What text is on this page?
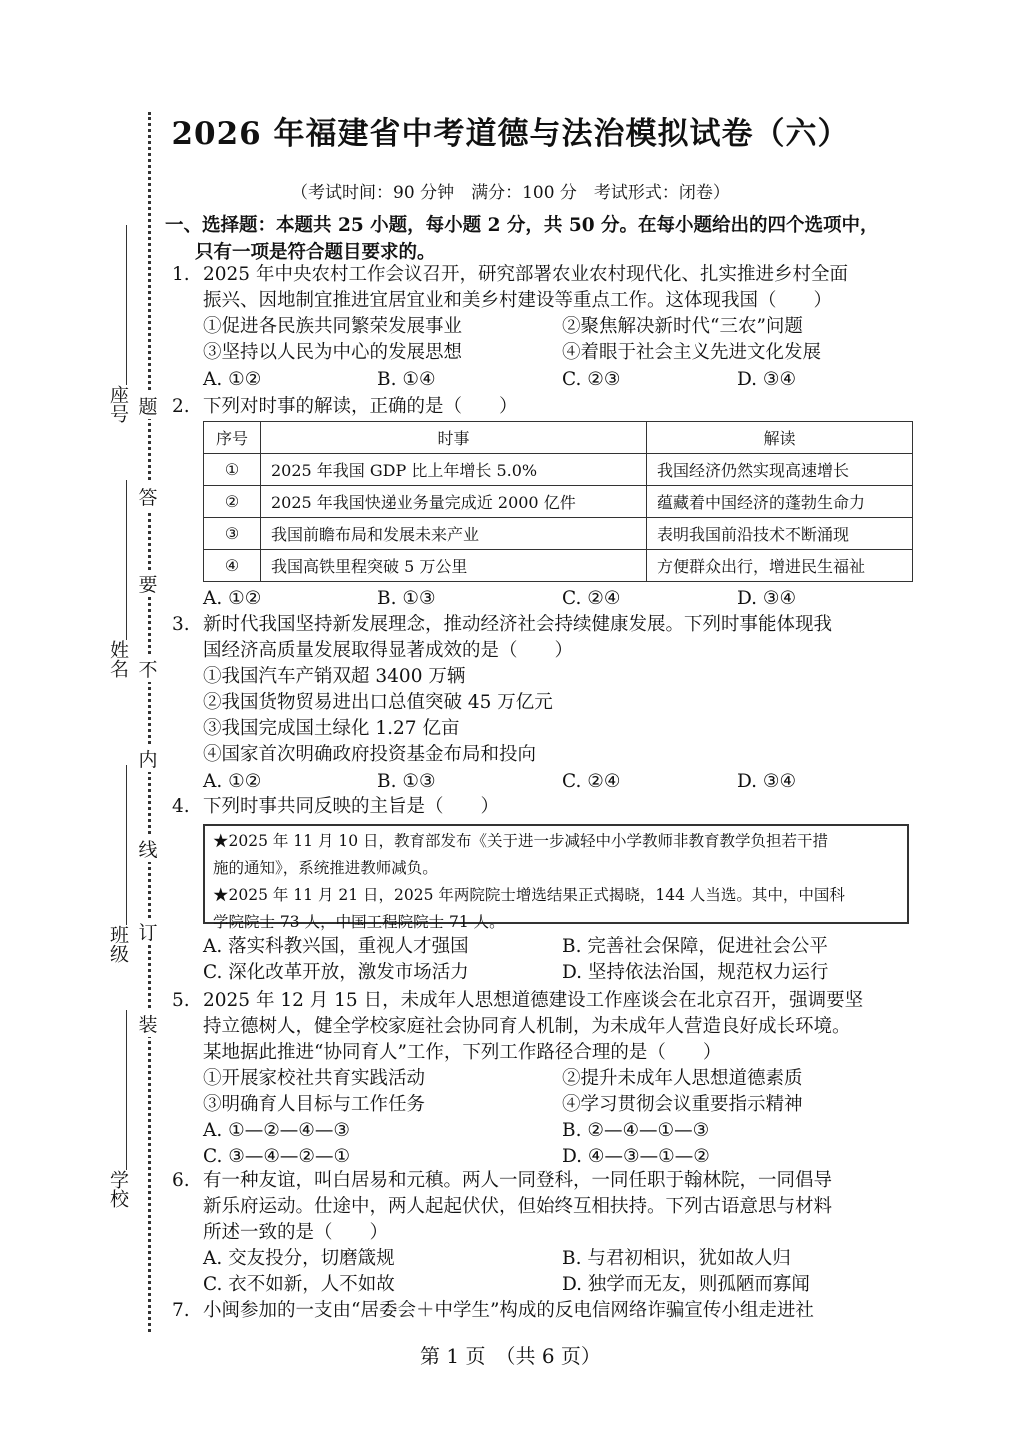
题
答
要
不
内
线
订
装
座号
姓名
班级
学校
2026 年福建省中考道德与法治模拟试卷（六）
（考试时间：90 分钟　满分：100 分　考试形式：闭卷）
一、选择题：本题共 25 小题，每小题 2 分，共 50 分。在每小题给出的四个选项中，
只有一项是符合题目要求的。
1. 2025 年中央农村工作会议召开，研究部署农业农村现代化、扎实推进乡村全面
振兴、因地制宜推进宜居宜业和美乡村建设等重点工作。这体现我国（　　）
①促进各民族共同繁荣发展事业	②聚焦解决新时代“三农”问题
③坚持以人民为中心的发展思想	④着眼于社会主义先进文化发展
A. ①②	B. ①④	C. ②③	D. ③④
2. 下列对时事的解读，正确的是（　　）
序号	时事	解读
①	2025 年我国 GDP 比上年增长 5.0%	我国经济仍然实现高速增长
②	2025 年我国快递业务量完成近 2000 亿件	蕴藏着中国经济的蓬勃生命力
③	我国前瞻布局和发展未来产业	表明我国前沿技术不断涌现
④	我国高铁里程突破 5 万公里	方便群众出行，增进民生福祉
A. ①②	B. ①③	C. ②④	D. ③④
3. 新时代我国坚持新发展理念，推动经济社会持续健康发展。下列时事能体现我
国经济高质量发展取得显著成效的是（　　）
①我国汽车产销双超 3400 万辆
②我国货物贸易进出口总值突破 45 万亿元
③我国完成国土绿化 1.27 亿亩
④国家首次明确政府投资基金布局和投向
A. ①②	B. ①③	C. ②④	D. ③④
4. 下列时事共同反映的主旨是（　　）
★2025 年 11 月 10 日，教育部发布《关于进一步减轻中小学教师非教育教学负担若干措
施的通知》，系统推进教师减负。
★2025 年 11 月 21 日，2025 年两院院士增选结果正式揭晓，144 人当选。其中，中国科
学院院士 73 人，中国工程院院士 71 人。
A. 落实科教兴国，重视人才强国	B. 完善社会保障，促进社会公平
C. 深化改革开放，激发市场活力	D. 坚持依法治国，规范权力运行
5. 2025 年 12 月 15 日，未成年人思想道德建设工作座谈会在北京召开，强调要坚
持立德树人，健全学校家庭社会协同育人机制，为未成年人营造良好成长环境。
某地据此推进“协同育人”工作，下列工作路径合理的是（　　）
①开展家校社共育实践活动	②提升未成年人思想道德素质
③明确育人目标与工作任务	④学习贯彻会议重要指示精神
A. ①—②—④—③	B. ②—④—①—③
C. ③—④—②—①	D. ④—③—①—②
6. 有一种友谊，叫白居易和元稹。两人一同登科，一同任职于翰林院，一同倡导
新乐府运动。仕途中，两人起起伏伏，但始终互相扶持。下列古语意思与材料
所述一致的是（　　）
A. 交友投分，切磨箴规	B. 与君初相识，犹如故人归
C. 衣不如新，人不如故	D. 独学而无友，则孤陋而寡闻
7. 小闽参加的一支由“居委会＋中学生”构成的反电信网络诈骗宣传小组走进社
第 1 页　（共 6 页）
